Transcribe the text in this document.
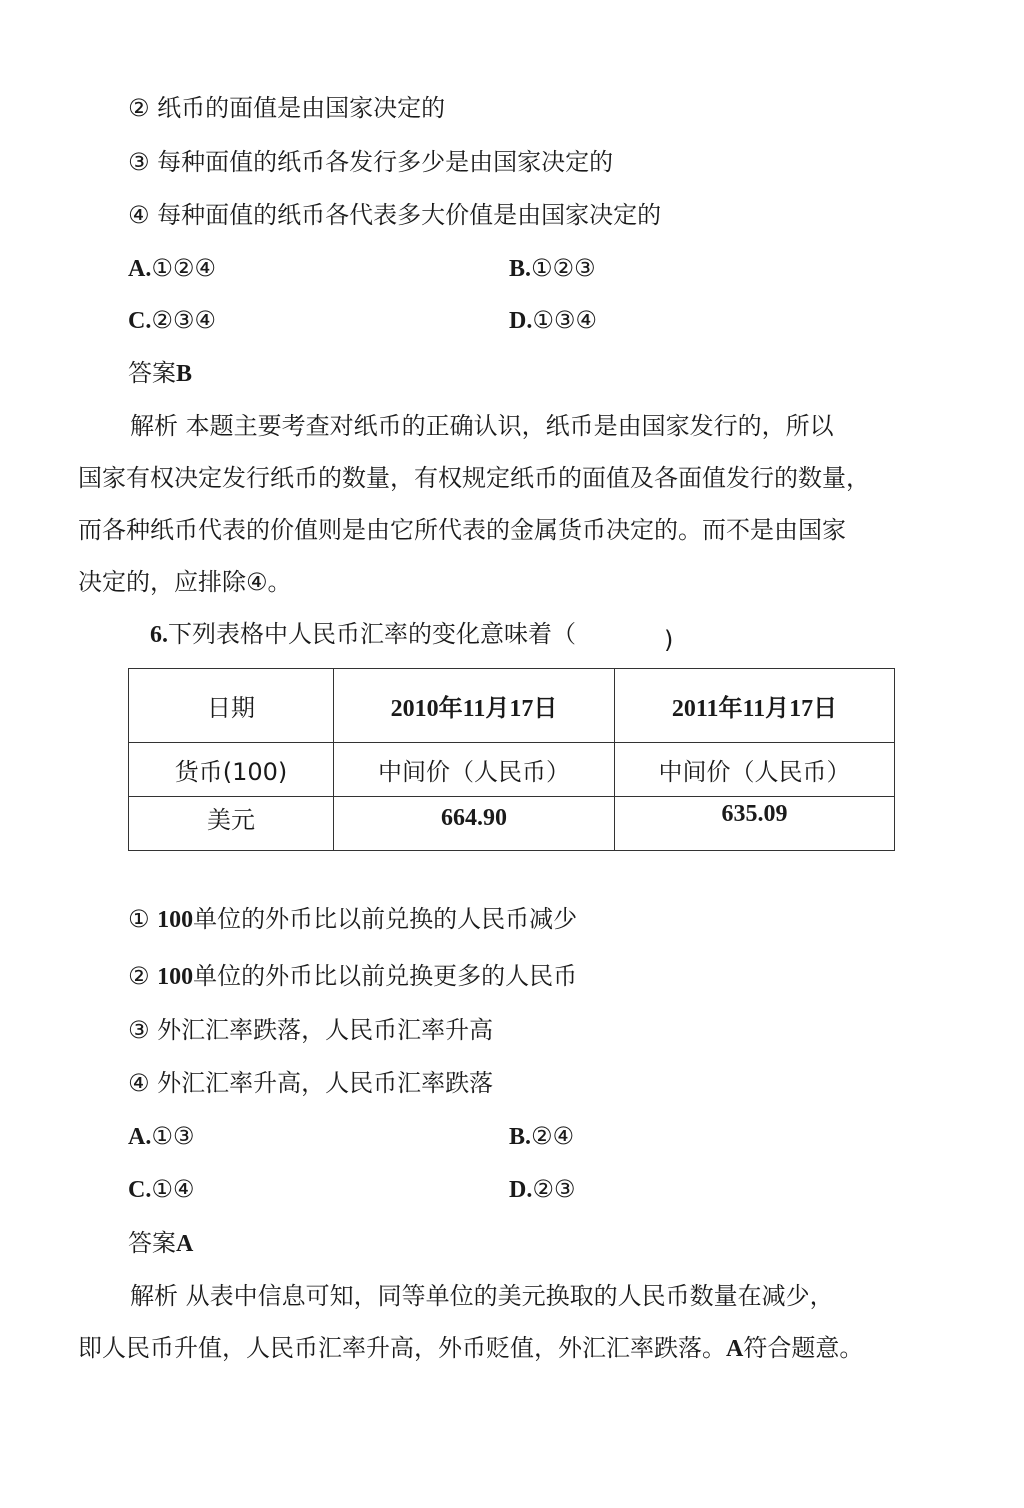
② 纸币的面值是由国家决定的
③ 每种面值的纸币各发行多少是由国家决定的
④ 每种面值的纸币各代表多大价值是由国家决定的
A.①②④	B.①②③
C.②③④	D.①③④
答案B
解析 本题主要考查对纸币的正确认识，纸币是由国家发行的，所以
国家有权决定发行纸币的数量，有权规定纸币的面值及各面值发行的数量，
而各种纸币代表的价值则是由它所代表的金属货币决定的。而不是由国家
决定的，应排除④。
6.下列表格中人民币汇率的变化意味着（	)
日期	2010年11月17日	2011年11月17日
货币(100)	中间价（人民币）	中间价（人民币）
美元	664.90	635.09
① 100单位的外币比以前兑换的人民币减少
② 100单位的外币比以前兑换更多的人民币
③ 外汇汇率跌落，人民币汇率升高
④ 外汇汇率升高，人民币汇率跌落
A.①③	B.②④
C.①④	D.②③
答案A
解析 从表中信息可知，同等单位的美元换取的人民币数量在减少，
即人民币升值，人民币汇率升高，外币贬值，外汇汇率跌落。A符合题意。
